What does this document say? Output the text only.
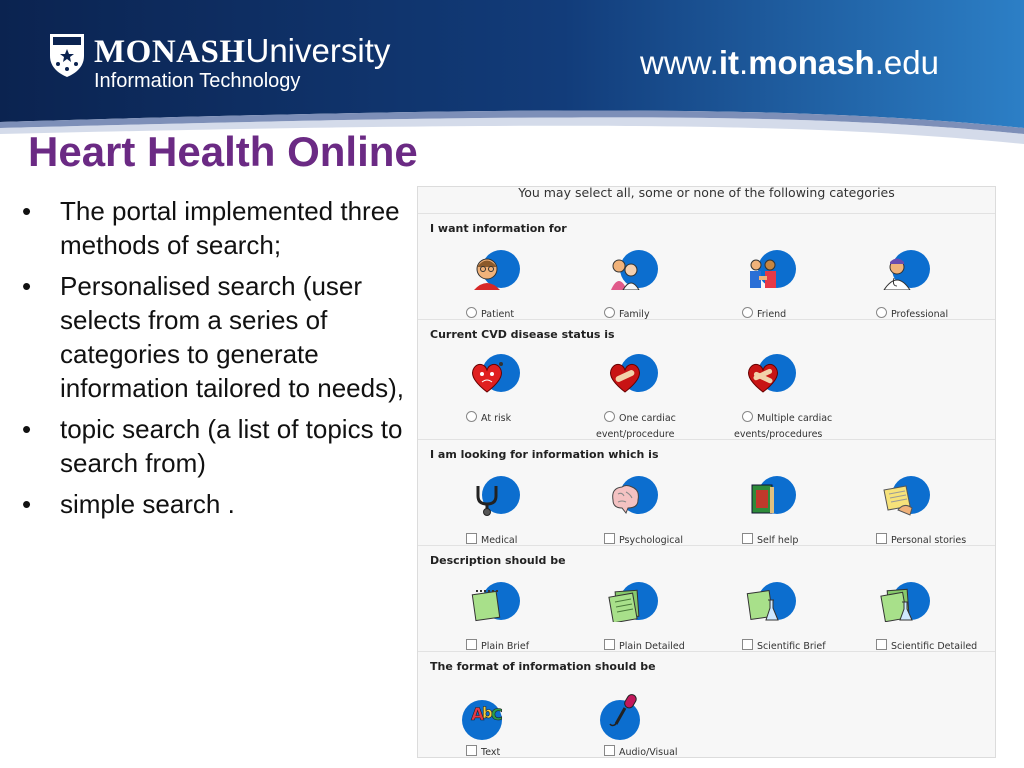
MONASHUniversity
Information Technology	www.it.monash.edu
Heart Health Online
• The portal implemented three methods of search;
• Personalised search (user selects from a series of categories to generate information tailored to needs),
• topic search (a list of topics to search from)
• simple search .
You may select all, some or none of the following categories
I want information for
Patient	Family	Friend	Professional
Current CVD disease status is
At risk	One cardiac
event/procedure
Multiple cardiac
events/procedures
I am looking for information which is
Medical	Psychological	Self help	Personal stories
Description should be
Plain Brief	Plain Detailed	Scientific Brief	Scientific Detailed
The format of information should be
A
b
C
Text	Audio/Visual
